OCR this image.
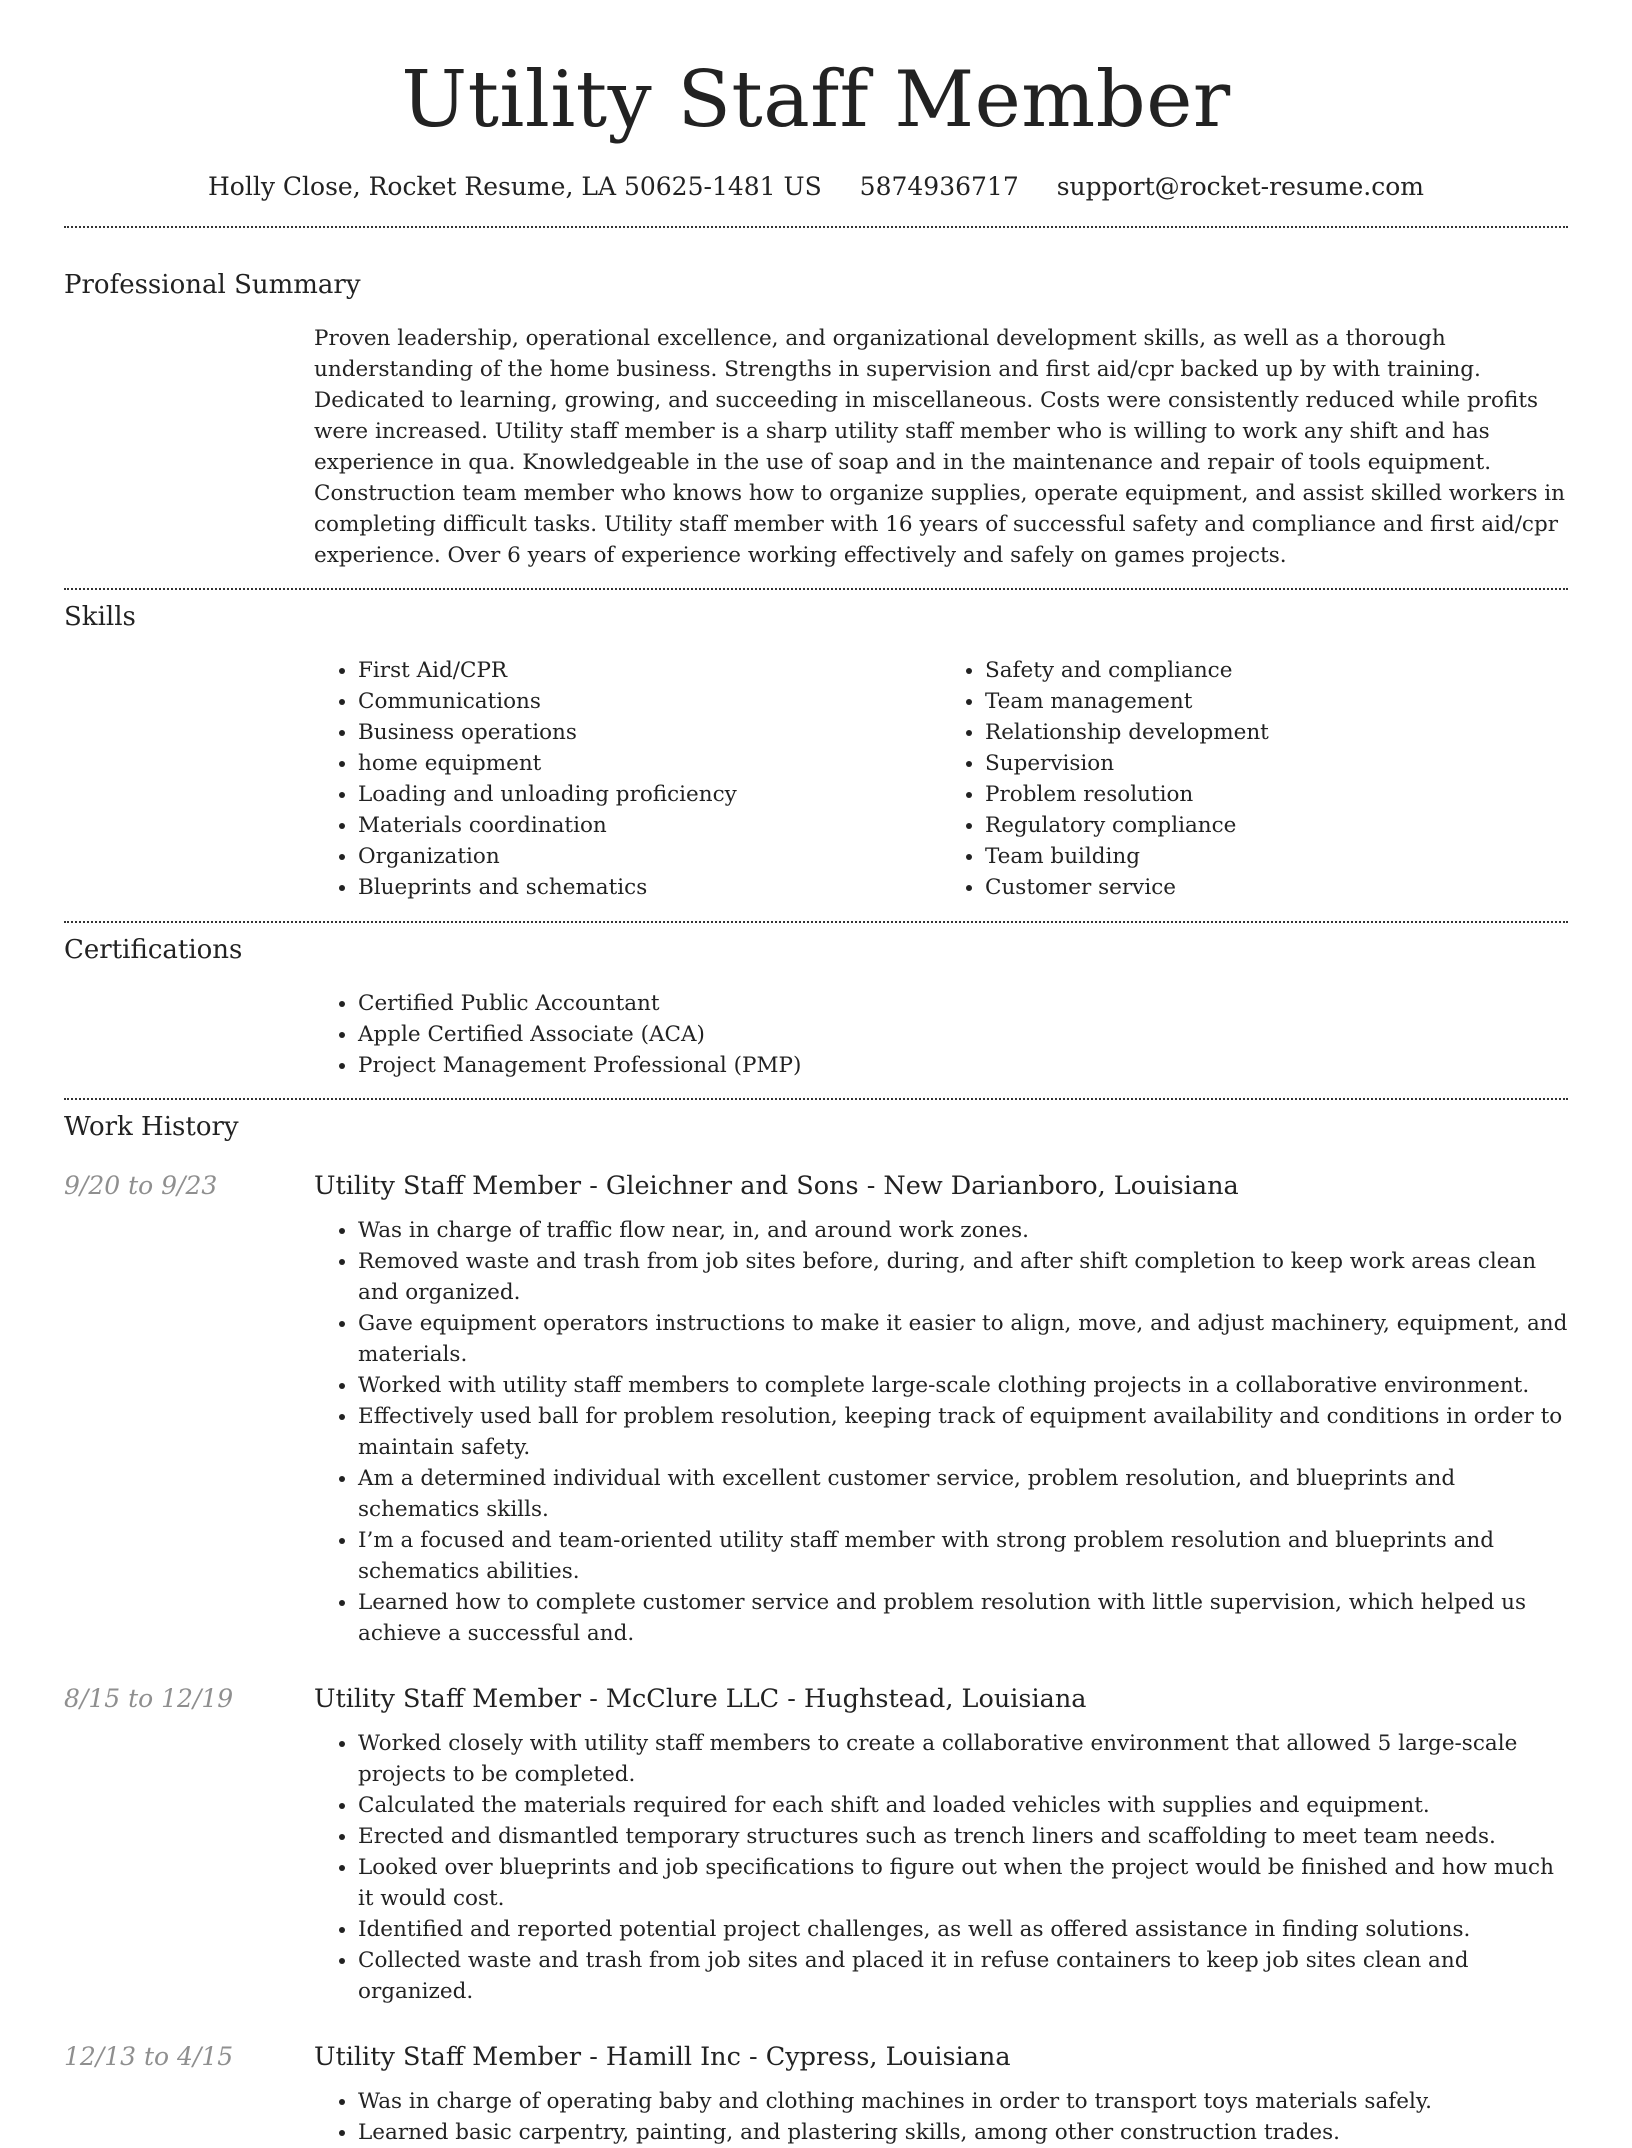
Utility Staff Member
Holly Close, Rocket Resume, LA 50625-1481 US 5874936717 support@rocket-resume.com
Professional Summary
Proven leadership, operational excellence, and organizational development skills, as well as a thorough understanding of the home business. Strengths in supervision and first aid/cpr backed up by with training. Dedicated to learning, growing, and succeeding in miscellaneous. Costs were consistently reduced while profits were increased. Utility staff member is a sharp utility staff member who is willing to work any shift and has experience in qua. Knowledgeable in the use of soap and in the maintenance and repair of tools equipment. Construction team member who knows how to organize supplies, operate equipment, and assist skilled workers in completing difficult tasks. Utility staff member with 16 years of successful safety and compliance and first aid/cpr experience. Over 6 years of experience working effectively and safely on games projects.
Skills
• First Aid/CPR
• Communications
• Business operations
• home equipment
• Loading and unloading proficiency
• Materials coordination
• Organization
• Blueprints and schematics
• Safety and compliance
• Team management
• Relationship development
• Supervision
• Problem resolution
• Regulatory compliance
• Team building
• Customer service
Certifications
• Certified Public Accountant
• Apple Certified Associate (ACA)
• Project Management Professional (PMP)
Work History
9/20 to 9/23	Utility Staff Member - Gleichner and Sons - New Darianboro, Louisiana
• Was in charge of traffic flow near, in, and around work zones.
• Removed waste and trash from job sites before, during, and after shift completion to keep work areas clean and organized.
• Gave equipment operators instructions to make it easier to align, move, and adjust machinery, equipment, and materials.
• Worked with utility staff members to complete large-scale clothing projects in a collaborative environment.
• Effectively used ball for problem resolution, keeping track of equipment availability and conditions in order to maintain safety.
• Am a determined individual with excellent customer service, problem resolution, and blueprints and schematics skills.
• I’m a focused and team-oriented utility staff member with strong problem resolution and blueprints and schematics abilities.
• Learned how to complete customer service and problem resolution with little supervision, which helped us achieve a successful and.
8/15 to 12/19	Utility Staff Member - McClure LLC - Hughstead, Louisiana
• Worked closely with utility staff members to create a collaborative environment that allowed 5 large-scale projects to be completed.
• Calculated the materials required for each shift and loaded vehicles with supplies and equipment.
• Erected and dismantled temporary structures such as trench liners and scaffolding to meet team needs.
• Looked over blueprints and job specifications to figure out when the project would be finished and how much it would cost.
• Identified and reported potential project challenges, as well as offered assistance in finding solutions.
• Collected waste and trash from job sites and placed it in refuse containers to keep job sites clean and organized.
12/13 to 4/15	Utility Staff Member - Hamill Inc - Cypress, Louisiana
• Was in charge of operating baby and clothing machines in order to transport toys materials safely.
• Learned basic carpentry, painting, and plastering skills, among other construction trades.
